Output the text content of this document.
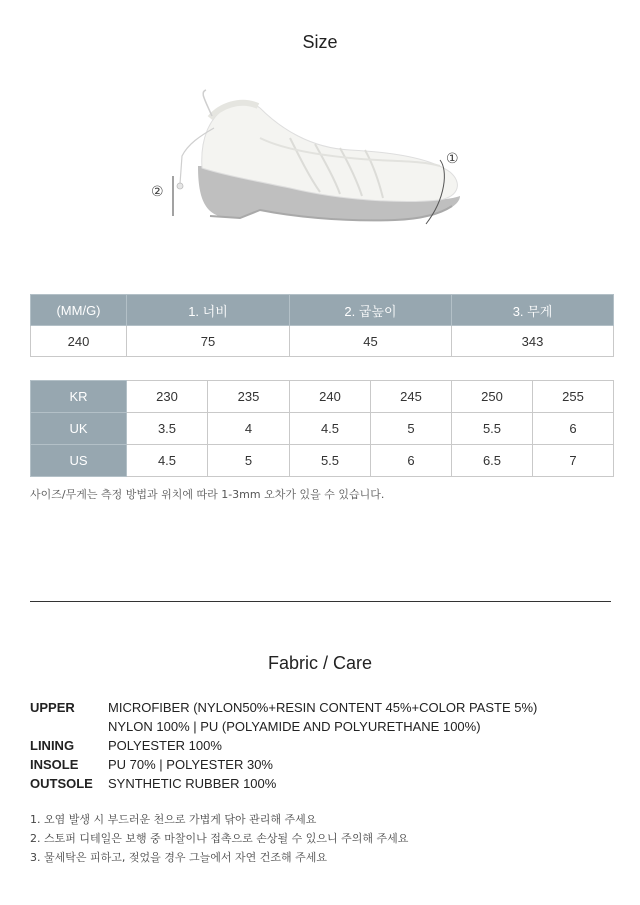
Size
①
②
(MM/G)	1. 너비	2. 굽높이	3. 무게
240	75	45	343
KR	230	235	240	245	250	255
UK	3.5	4	4.5	5	5.5	6
US	4.5	5	5.5	6	6.5	7
사이즈/무게는 측정 방법과 위치에 따라 1-3mm 오차가 있을 수 있습니다.
Fabric / Care
UPPER	MICROFIBER (NYLON50%+RESIN CONTENT 45%+COLOR PASTE 5%)
NYLON 100% | PU (POLYAMIDE AND POLYURETHANE 100%)
LINING	POLYESTER 100%
INSOLE	PU 70% | POLYESTER 30%
OUTSOLE	SYNTHETIC RUBBER 100%
1. 오염 발생 시 부드러운 천으로 가볍게 닦아 관리해 주세요
2. 스토퍼 디테일은 보행 중 마찰이나 접촉으로 손상될 수 있으니 주의해 주세요
3. 물세탁은 피하고, 젖었을 경우 그늘에서 자연 건조해 주세요
